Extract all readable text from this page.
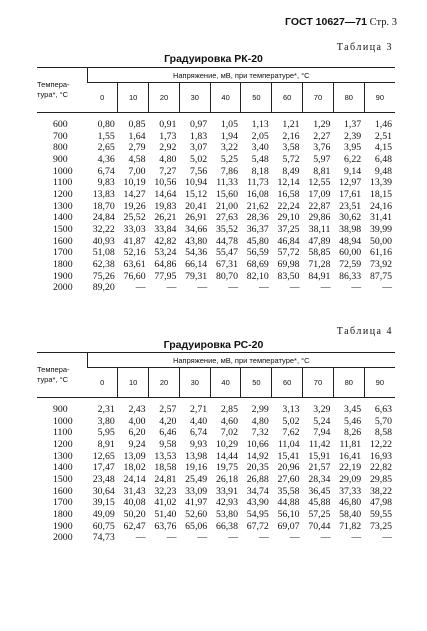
ГОСТ 10627—71 Стр. 3
Таблица 3
Градуировка РК-20
Темпера-тура*, °С	Напряжение, мВ, при температуре*, °С									
	0	10	20	30	40	50	60	70	80	90
600	0,80	0,85	0,91	0,97	1,05	1,13	1,21	1,29	1,37	1,46
700	1,55	1,64	1,73	1,83	1,94	2,05	2,16	2,27	2,39	2,51
800	2,65	2,79	2,92	3,07	3,22	3,40	3,58	3,76	3,95	4,15
900	4,36	4,58	4,80	5,02	5,25	5,48	5,72	5,97	6,22	6,48
1000	6,74	7,00	7,27	7,56	7,86	8,18	8,49	8,81	9,14	9,48
1100	9,83	10,19	10,56	10,94	11,33	11,73	12,14	12,55	12,97	13,39
1200	13,83	14,27	14,64	15,12	15,60	16,08	16,58	17,09	17,61	18,15
1300	18,70	19,26	19,83	20,41	21,00	21,62	22,24	22,87	23,51	24,16
1400	24,84	25,52	26,21	26,91	27,63	28,36	29,10	29,86	30,62	31,41
1500	32,22	33,03	33,84	34,66	35,52	36,37	37,25	38,11	38,98	39,99
1600	40,93	41,87	42,82	43,80	44,78	45,80	46,84	47,89	48,94	50,00
1700	51,08	52,16	53,24	54,36	55,47	56,59	57,72	58,85	60,00	61,16
1800	62,38	63,61	64,86	66,14	67,31	68,69	69,98	71,28	72,59	73,92
1900	75,26	76,60	77,95	79,31	80,70	82,10	83,50	84,91	86,33	87,75
2000	89,20	—	—	—	—	—	—	—	—	—
Таблица 4
Градуировка РС-20
Темпера-тура*, °С	Напряжение, мВ, при температуре*, °С									
	0	10	20	30	40	50	60	70	80	90
900	2,31	2,43	2,57	2,71	2,85	2,99	3,13	3,29	3,45	6,63
1000	3,80	4,00	4,20	4,40	4,60	4,80	5,02	5,24	5,46	5,70
1100	5,95	6,20	6,46	6,74	7,02	7,32	7,62	7,94	8,26	8,58
1200	8,91	9,24	9,58	9,93	10,29	10,66	11,04	11,42	11,81	12,22
1300	12,65	13,09	13,53	13,98	14,44	14,92	15,41	15,91	16,41	16,93
1400	17,47	18,02	18,58	19,16	19,75	20,35	20,96	21,57	22,19	22,82
1500	23,48	24,14	24,81	25,49	26,18	26,88	27,60	28,34	29,09	29,85
1600	30,64	31,43	32,23	33,09	33,91	34,74	35,58	36,45	37,33	38,22
1700	39,15	40,08	41,02	41,97	42,93	43,90	44,88	45,88	46,80	47,98
1800	49,09	50,20	51,40	52,60	53,80	54,95	56,10	57,25	58,40	59,55
1900	60,75	62,47	63,76	65,06	66,38	67,72	69,07	70,44	71,82	73,25
2000	74,73	—	—	—	—	—	—	—	—	—
